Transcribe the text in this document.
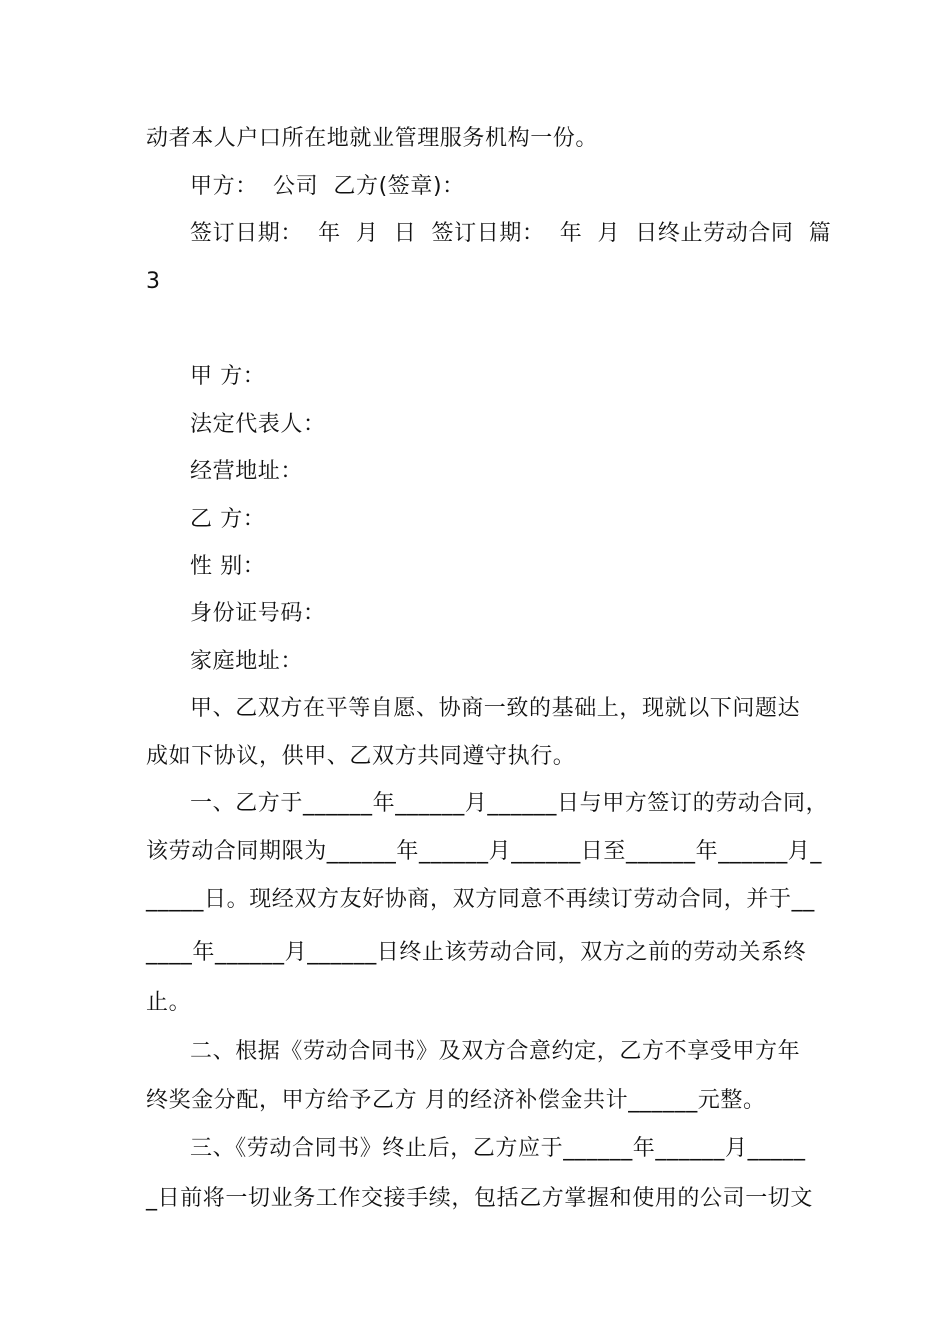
动者本人户口所在地就业管理服务机构一份。
甲方：  公司  乙方(签章)：
签订日期：  年  月  日  签订日期：  年  月  日终止劳动合同  篇
3
甲 方：
法定代表人：
经营地址：
乙 方：
性 别：
身份证号码：
家庭地址：
甲、乙双方在平等自愿、协商一致的基础上，现就以下问题达
成如下协议，供甲、乙双方共同遵守执行。
一、乙方于______年______月______日与甲方签订的劳动合同，
该劳动合同期限为______年______月______日至______年______月_
_____日。现经双方友好协商，双方同意不再续订劳动合同，并于__
____年______月______日终止该劳动合同，双方之前的劳动关系终
止。
二、根据《劳动合同书》及双方合意约定，乙方不享受甲方年
终奖金分配，甲方给予乙方 月的经济补偿金共计______元整。
三、《劳动合同书》终止后，乙方应于______年______月_____
_日前将一切业务工作交接手续，包括乙方掌握和使用的公司一切文
